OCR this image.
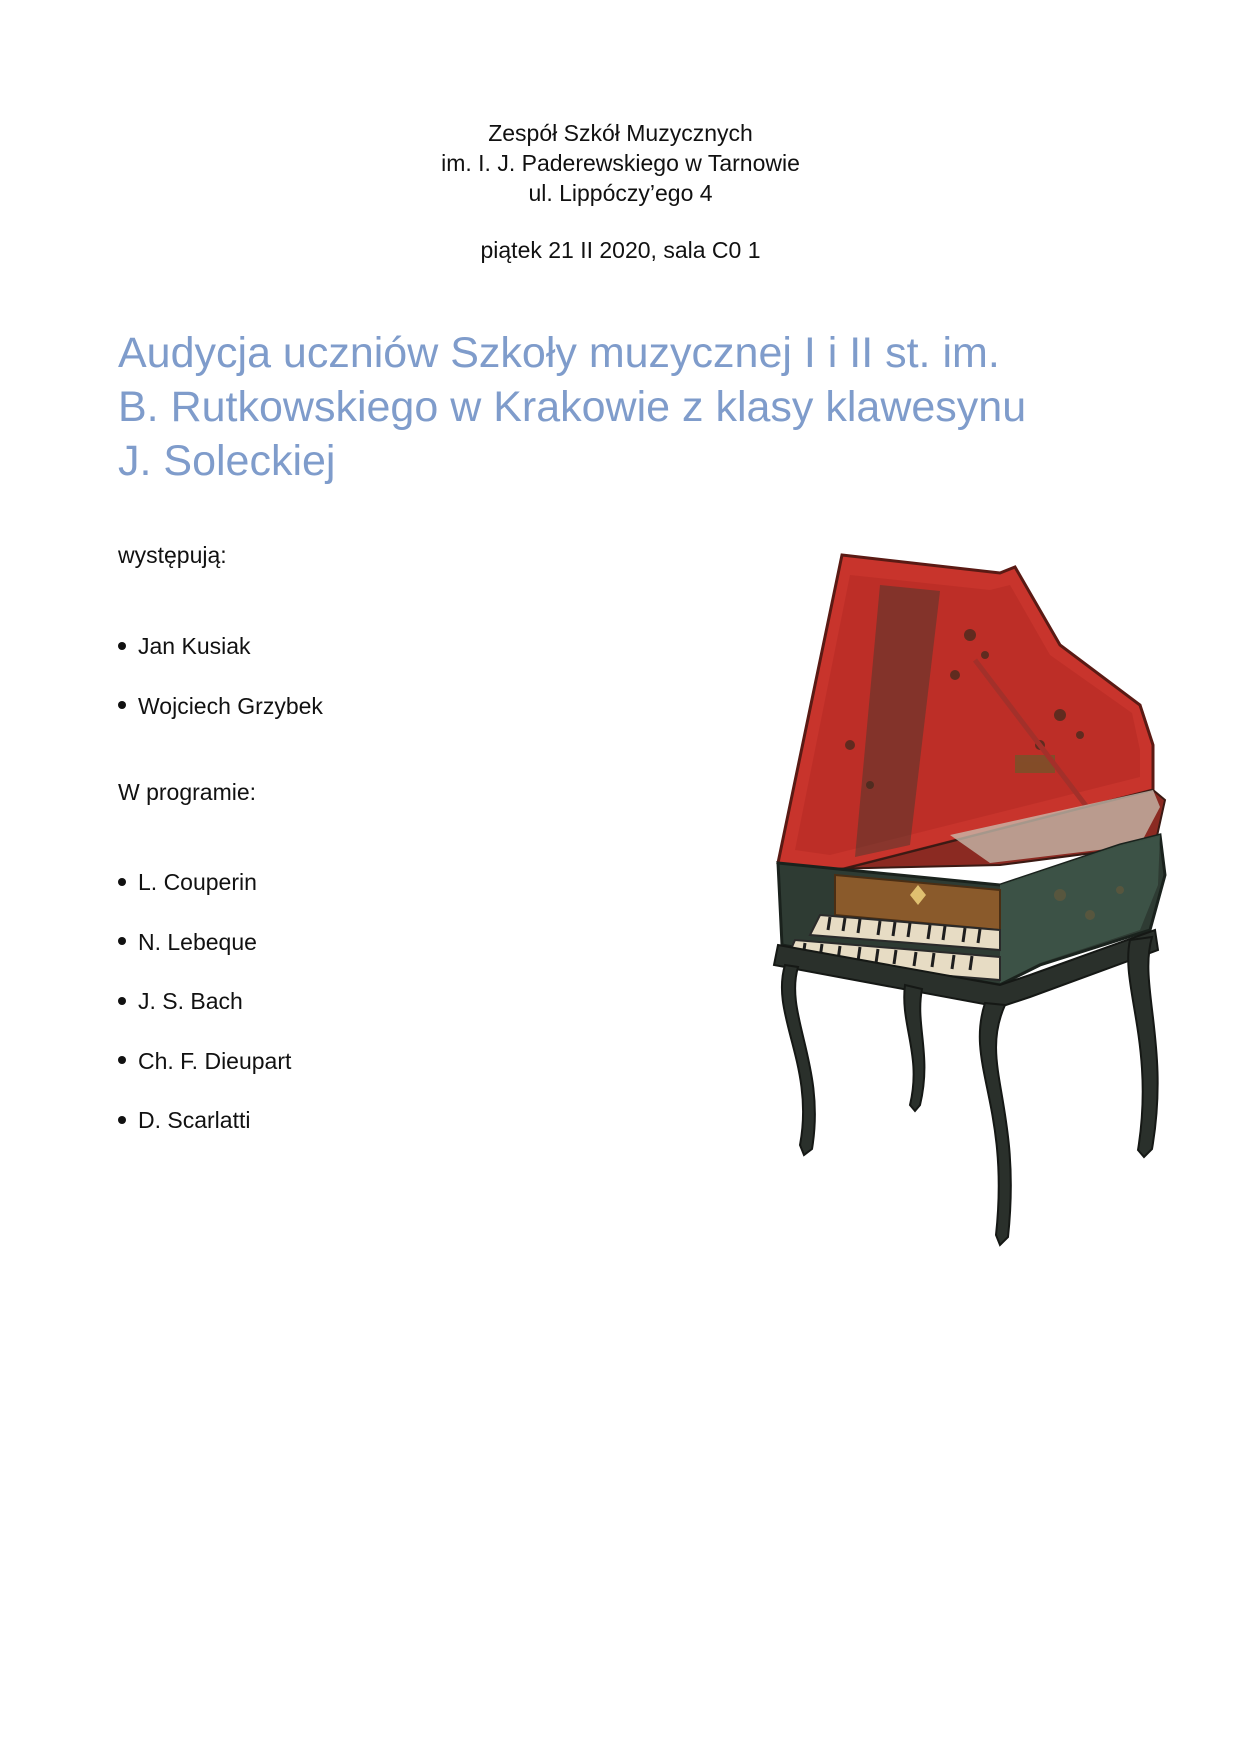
Zespół Szkół Muzycznych
im. I. J. Paderewskiego w Tarnowie
ul. Lippóczy’ego 4
piątek 21 II 2020, sala C0 1
Audycja uczniów Szkoły muzycznej I i II st. im.
B. Rutkowskiego w Krakowie z klasy klawesynu
J. Soleckiej
występują:
Jan Kusiak
Wojciech Grzybek
W programie:
L. Couperin
N. Lebeque
J. S. Bach
Ch. F. Dieupart
D. Scarlatti
